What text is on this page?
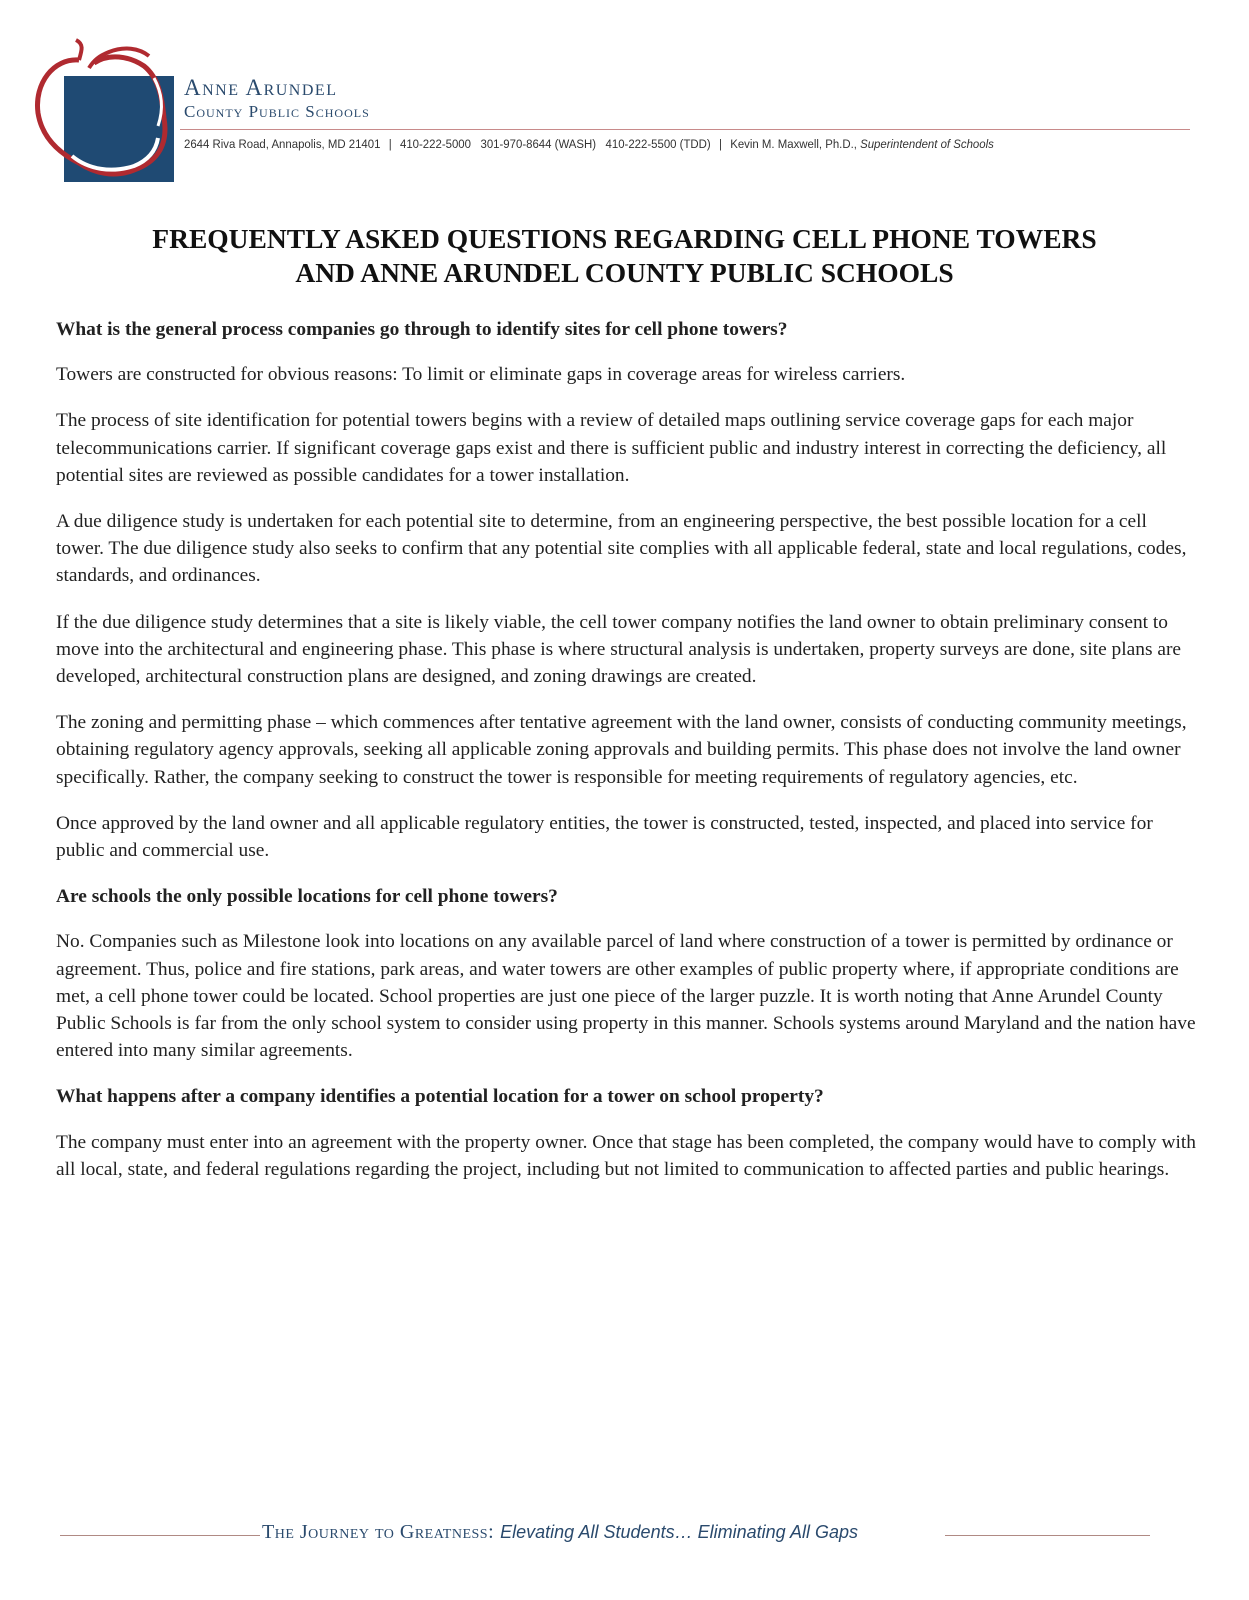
Anne Arundel
County Public Schools
2644 Riva Road, Annapolis, MD 21401 | 410-222-5000 301-970-8644 (WASH) 410-222-5500 (TDD) | Kevin M. Maxwell, Ph.D., Superintendent of Schools
FREQUENTLY ASKED QUESTIONS REGARDING CELL PHONE TOWERS
AND ANNE ARUNDEL COUNTY PUBLIC SCHOOLS
What is the general process companies go through to identify sites for cell phone towers?
Towers are constructed for obvious reasons: To limit or eliminate gaps in coverage areas for wireless carriers.
The process of site identification for potential towers begins with a review of detailed maps outlining service coverage gaps for each major telecommunications carrier. If significant coverage gaps exist and there is sufficient public and industry interest in correcting the deficiency, all potential sites are reviewed as possible candidates for a tower installation.
A due diligence study is undertaken for each potential site to determine, from an engineering perspective, the best possible location for a cell tower. The due diligence study also seeks to confirm that any potential site complies with all applicable federal, state and local regulations, codes, standards, and ordinances.
If the due diligence study determines that a site is likely viable, the cell tower company notifies the land owner to obtain preliminary consent to move into the architectural and engineering phase. This phase is where structural analysis is undertaken, property surveys are done, site plans are developed, architectural construction plans are designed, and zoning drawings are created.
The zoning and permitting phase – which commences after tentative agreement with the land owner, consists of conducting community meetings, obtaining regulatory agency approvals, seeking all applicable zoning approvals and building permits. This phase does not involve the land owner specifically. Rather, the company seeking to construct the tower is responsible for meeting requirements of regulatory agencies, etc.
Once approved by the land owner and all applicable regulatory entities, the tower is constructed, tested, inspected, and placed into service for public and commercial use.
Are schools the only possible locations for cell phone towers?
No. Companies such as Milestone look into locations on any available parcel of land where construction of a tower is permitted by ordinance or agreement. Thus, police and fire stations, park areas, and water towers are other examples of public property where, if appropriate conditions are met, a cell phone tower could be located. School properties are just one piece of the larger puzzle. It is worth noting that Anne Arundel County Public Schools is far from the only school system to consider using property in this manner. Schools systems around Maryland and the nation have entered into many similar agreements.
What happens after a company identifies a potential location for a tower on school property?
The company must enter into an agreement with the property owner. Once that stage has been completed, the company would have to comply with all local, state, and federal regulations regarding the project, including but not limited to communication to affected parties and public hearings.
The Journey to Greatness: Elevating All Students… Eliminating All Gaps
